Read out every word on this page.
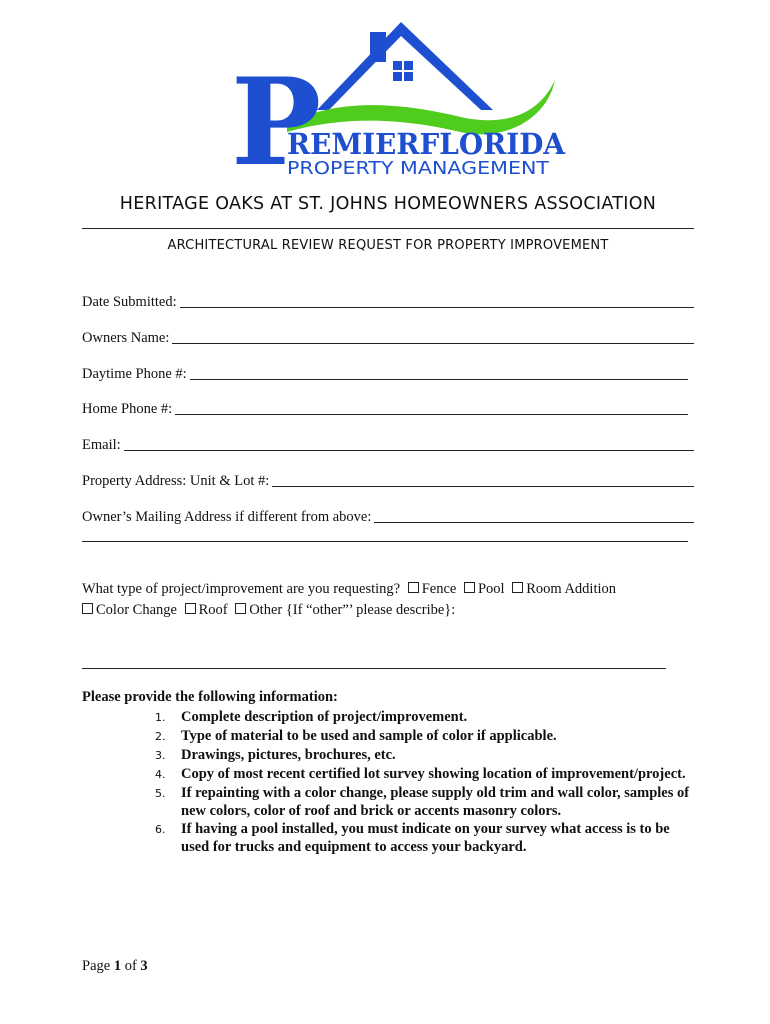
P
REMIERFLORIDA
PROPERTY MANAGEMENT
HERITAGE OAKS AT ST. JOHNS HOMEOWNERS ASSOCIATION
ARCHITECTURAL REVIEW REQUEST FOR PROPERTY IMPROVEMENT
Date Submitted:
Owners Name:
Daytime Phone #:
Home Phone #:
Email:
Property Address: Unit & Lot #:
Owner’s Mailing Address if different from above:
What type of project/improvement are you requesting? Fence Pool Room Addition
Color Change Roof Other {If “other”’ please describe}:
Please provide the following information:
1.	Complete description of project/improvement.
2.	Type of material to be used and sample of color if applicable.
3.	Drawings, pictures, brochures, etc.
4.	Copy of most recent certified lot survey showing location of improvement/project.
5.	If repainting with a color change, please supply old trim and wall color, samples of new colors, color of roof and brick or accents masonry colors.
6.	If having a pool installed, you must indicate on your survey what access is to be used for trucks and equipment to access your backyard.
Page 1 of 3
